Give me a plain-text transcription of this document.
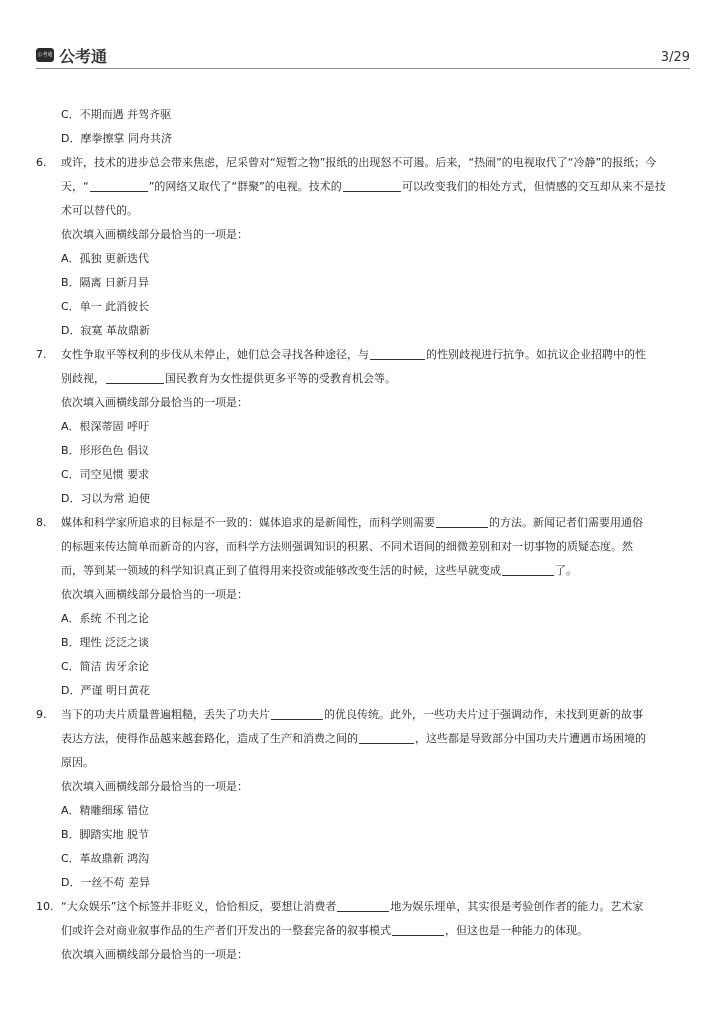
公考通 公考通	3/29
C．不期而遇 并驾齐驱
D．摩拳擦掌 同舟共济
6.	或许，技术的进步总会带来焦虑，尼采曾对“短暂之物”报纸的出现怒不可遏。后来，“热闹”的电视取代了“冷静”的报纸；今
天，“	”的网络又取代了“群聚”的电视。技术的	可以改变我们的相处方式，但情感的交互却从来不是技
术可以替代的。
依次填入画横线部分最恰当的一项是：
A．孤独 更新迭代
B．隔离 日新月异
C．单一 此消彼长
D．寂寞 革故鼎新
7.	女性争取平等权利的步伐从未停止，她们总会寻找各种途径，与	的性别歧视进行抗争。如抗议企业招聘中的性
别歧视，	国民教育为女性提供更多平等的受教育机会等。
依次填入画横线部分最恰当的一项是：
A．根深蒂固 呼吁
B．形形色色 倡议
C．司空见惯 要求
D．习以为常 迫使
8.	媒体和科学家所追求的目标是不一致的：媒体追求的是新闻性，而科学则需要	的方法。新闻记者们需要用通俗
的标题来传达简单而新奇的内容，而科学方法则强调知识的积累、不同术语间的细微差别和对一切事物的质疑态度。然
而，等到某一领域的科学知识真正到了值得用来投资或能够改变生活的时候，这些早就变成	了。
依次填入画横线部分最恰当的一项是：
A．系统 不刊之论
B．理性 泛泛之谈
C．简洁 齿牙余论
D．严谨 明日黄花
9.	当下的功夫片质量普遍粗糙，丢失了功夫片	的优良传统。此外，一些功夫片过于强调动作，未找到更新的故事
表达方法，使得作品越来越套路化，造成了生产和消费之间的	，这些都是导致部分中国功夫片遭遇市场困境的
原因。
依次填入画横线部分最恰当的一项是：
A．精雕细琢 错位
B．脚踏实地 脱节
C．革故鼎新 鸿沟
D．一丝不苟 差异
10. “大众娱乐”这个标签并非贬义，恰恰相反，要想让消费者	地为娱乐埋单，其实很是考验创作者的能力。艺术家
们或许会对商业叙事作品的生产者们开发出的一整套完备的叙事模式	，但这也是一种能力的体现。
依次填入画横线部分最恰当的一项是：
